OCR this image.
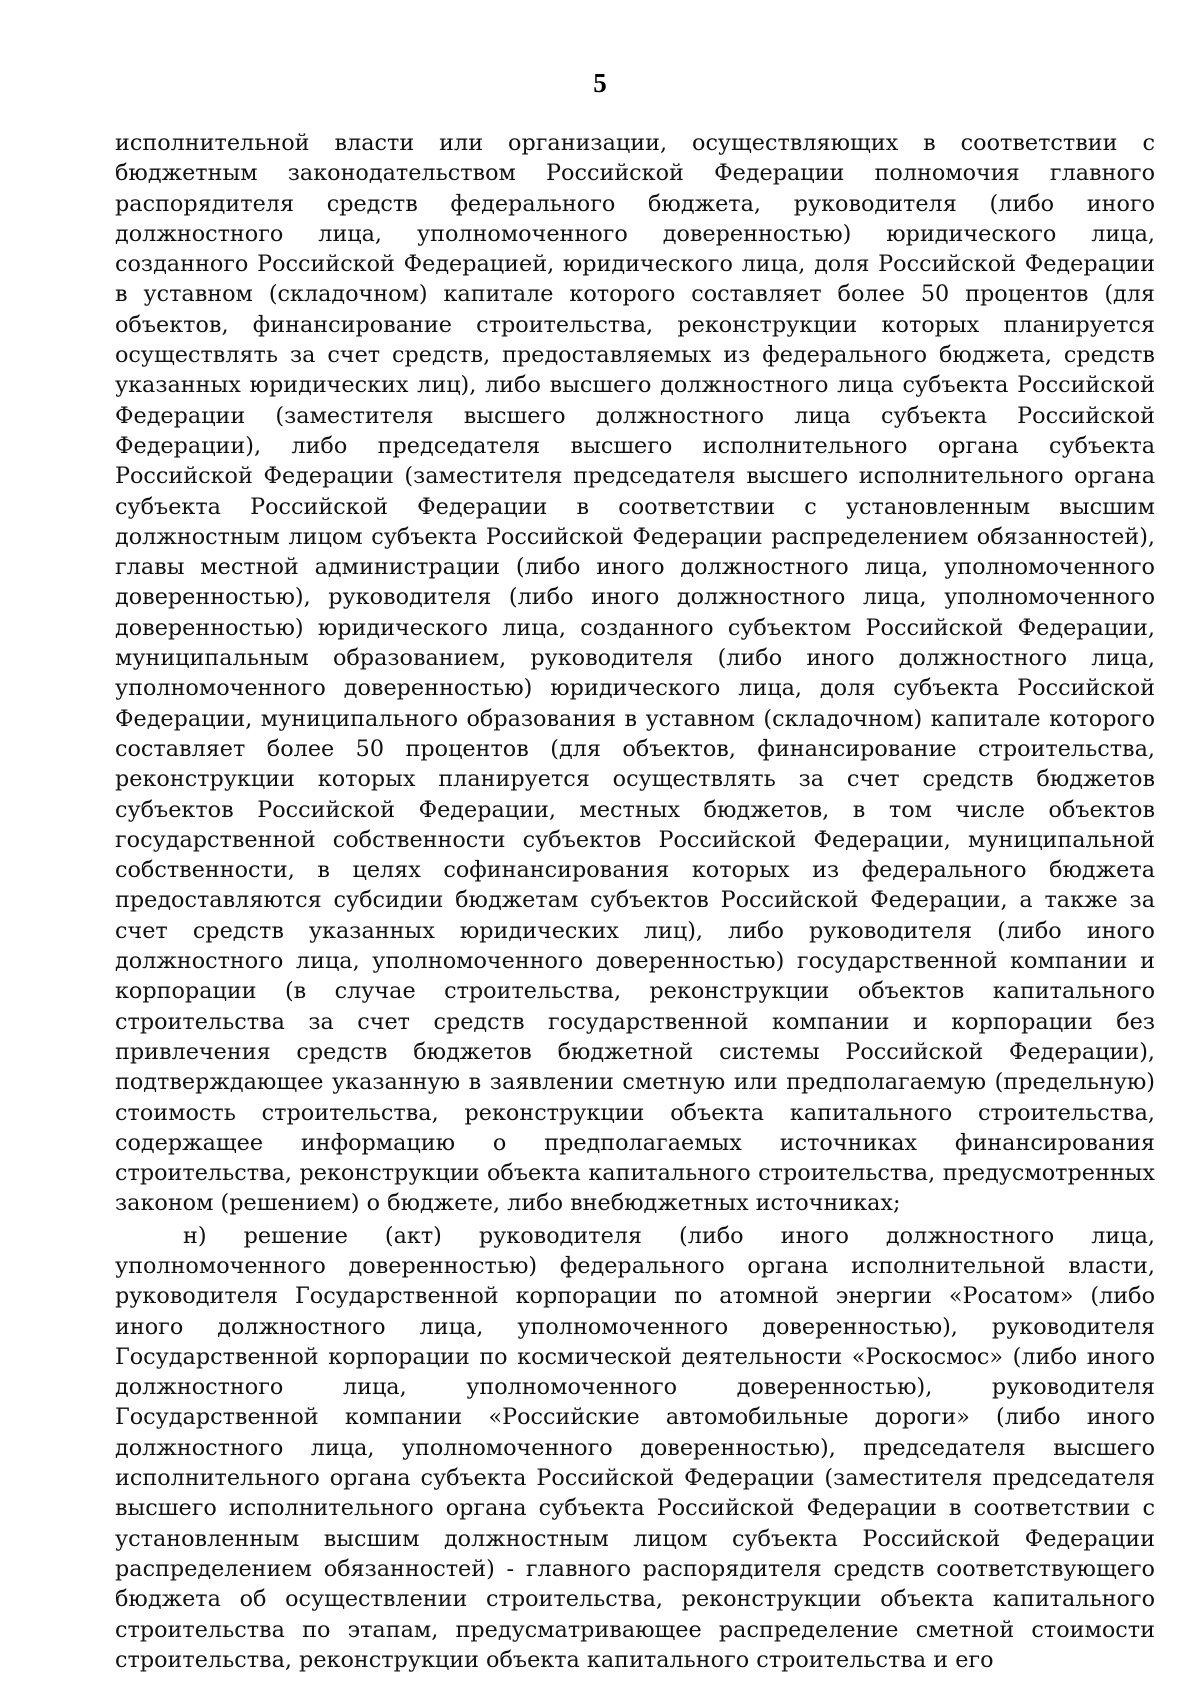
5

исполнительной власти или организации, осуществляющих в соответствии с бюджетным законодательством Российской Федерации полномочия главного распорядителя средств федерального бюджета, руководителя (либо иного должностного лица, уполномоченного доверенностью) юридического лица, созданного Российской Федерацией, юридического лица, доля Российской Федерации в уставном (складочном) капитале которого составляет более 50 процентов (для объектов, финансирование строительства, реконструкции которых планируется осуществлять за счет средств, предоставляемых из федерального бюджета, средств указанных юридических лиц), либо высшего должностного лица субъекта Российской Федерации (заместителя высшего должностного лица субъекта Российской Федерации), либо председателя высшего исполнительного органа субъекта Российской Федерации (заместителя председателя высшего исполнительного органа субъекта Российской Федерации в соответствии с установленным высшим должностным лицом субъекта Российской Федерации распределением обязанностей), главы местной администрации (либо иного должностного лица, уполномоченного доверенностью), руководителя (либо иного должностного лица, уполномоченного доверенностью) юридического лица, созданного субъектом Российской Федерации, муниципальным образованием, руководителя (либо иного должностного лица, уполномоченного доверенностью) юридического лица, доля субъекта Российской Федерации, муниципального образования в уставном (складочном) капитале которого составляет более 50 процентов (для объектов, финансирование строительства, реконструкции которых планируется осуществлять за счет средств бюджетов субъектов Российской Федерации, местных бюджетов, в том числе объектов государственной собственности субъектов Российской Федерации, муниципальной собственности, в целях софинансирования которых из федерального бюджета предоставляются субсидии бюджетам субъектов Российской Федерации, а также за счет средств указанных юридических лиц), либо руководителя (либо иного должностного лица, уполномоченного доверенностью) государственной компании и корпорации (в случае строительства, реконструкции объектов капитального строительства за счет средств государственной компании и корпорации без привлечения средств бюджетов бюджетной системы Российской Федерации), подтверждающее указанную в заявлении сметную или предполагаемую (предельную) стоимость строительства, реконструкции объекта капитального строительства, содержащее информацию о предполагаемых источниках финансирования строительства, реконструкции объекта капитального строительства, предусмотренных законом (решением) о бюджете, либо внебюджетных источниках;

н) решение (акт) руководителя (либо иного должностного лица, уполномоченного доверенностью) федерального органа исполнительной власти, руководителя Государственной корпорации по атомной энергии «Росатом» (либо иного должностного лица, уполномоченного доверенностью), руководителя Государственной корпорации по космической деятельности «Роскосмос» (либо иного должностного лица, уполномоченного доверенностью), руководителя Государственной компании «Российские автомобильные дороги» (либо иного должностного лица, уполномоченного доверенностью), председателя высшего исполнительного органа субъекта Российской Федерации (заместителя председателя высшего исполнительного органа субъекта Российской Федерации в соответствии с установленным высшим должностным лицом субъекта Российской Федерации распределением обязанностей) - главного распорядителя средств соответствующего бюджета об осуществлении строительства, реконструкции объекта капитального строительства по этапам, предусматривающее распределение сметной стоимости строительства, реконструкции объекта капитального строительства и его
